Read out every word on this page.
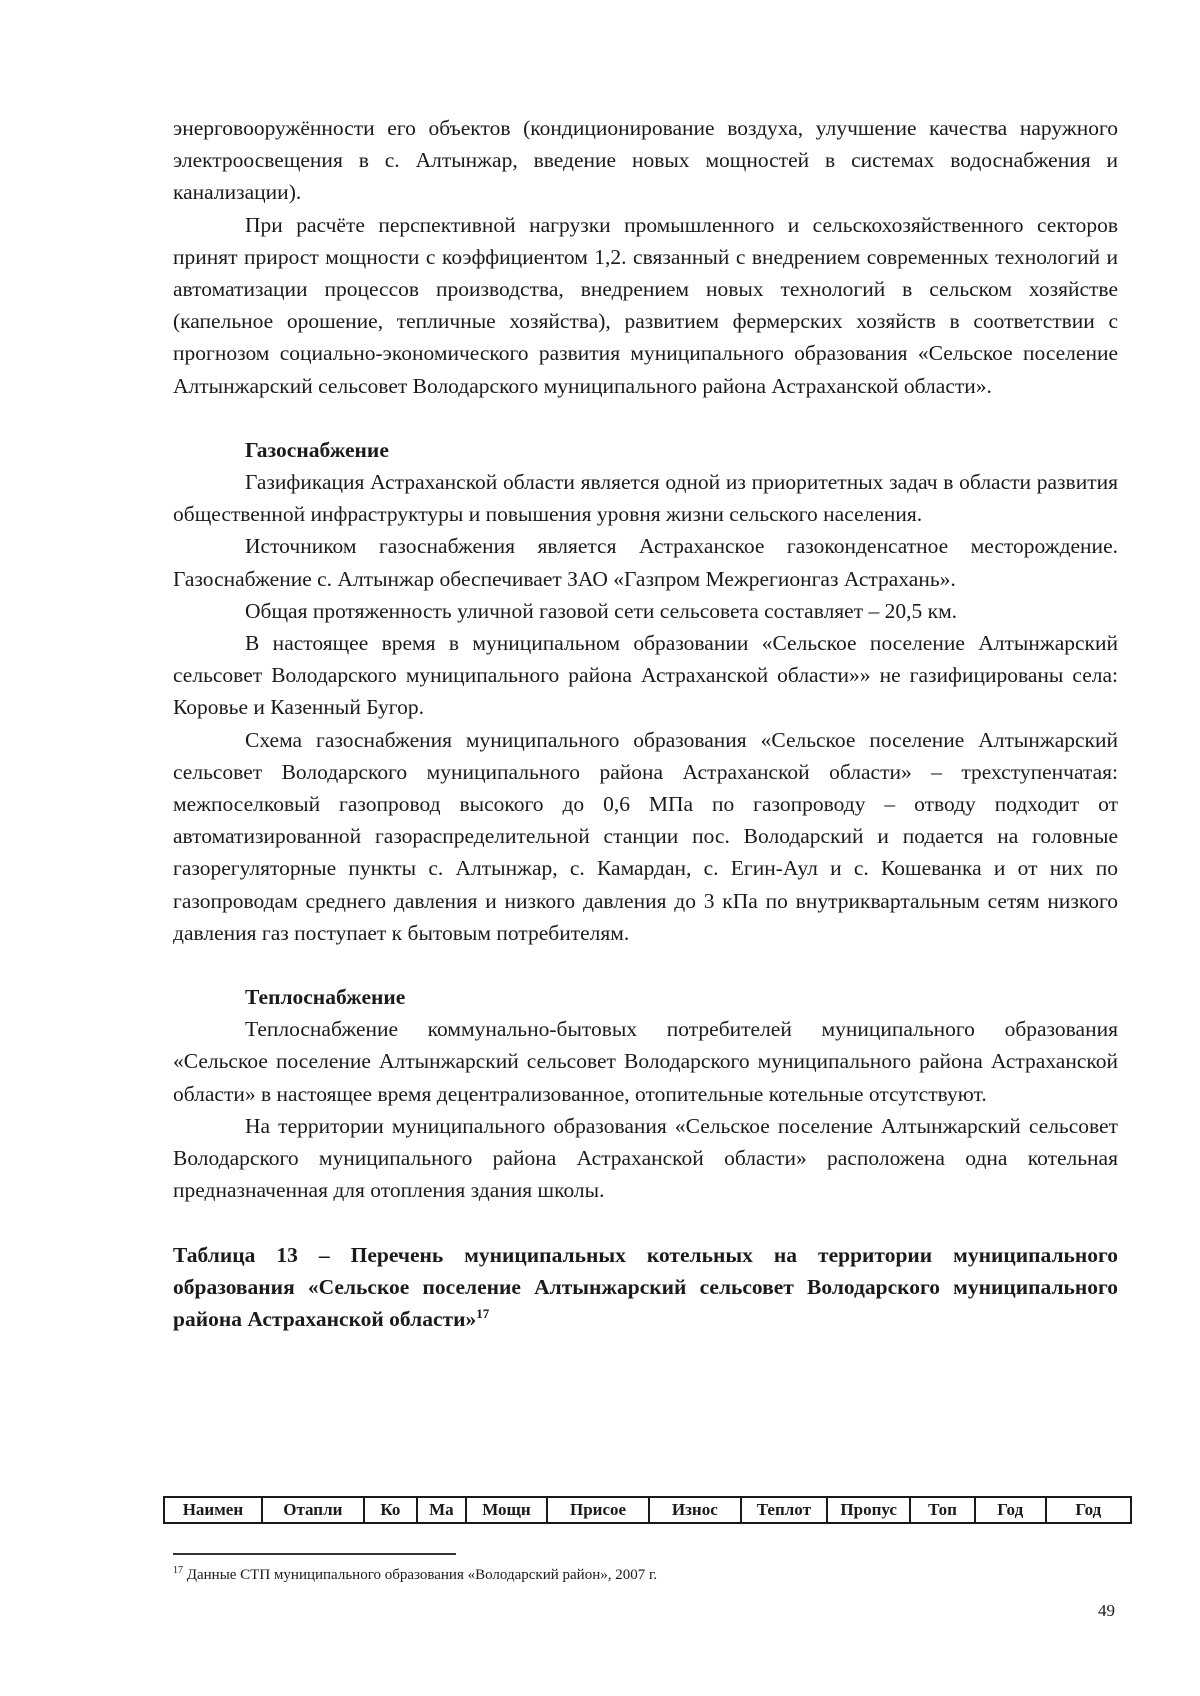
энерговооружённости его объектов (кондиционирование воздуха, улучшение качества наружного электроосвещения в с. Алтынжар, введение новых мощностей в системах водоснабжения и канализации).

При расчёте перспективной нагрузки промышленного и сельскохозяйственного секторов принят прирост мощности с коэффициентом 1,2. связанный с внедрением современных технологий и автоматизации процессов производства, внедрением новых технологий в сельском хозяйстве (капельное орошение, тепличные хозяйства), развитием фермерских хозяйств в соответствии с прогнозом социально-экономического развития муниципального образования «Сельское поселение Алтынжарский сельсовет Володарского муниципального района Астраханской области».

Газоснабжение

Газификация Астраханской области является одной из приоритетных задач в области развития общественной инфраструктуры и повышения уровня жизни сельского населения.

Источником газоснабжения является Астраханское газоконденсатное месторождение. Газоснабжение с. Алтынжар обеспечивает ЗАО «Газпром Межрегионгаз Астрахань».

Общая протяженность уличной газовой сети сельсовета составляет – 20,5 км.

В настоящее время в муниципальном образовании «Сельское поселение Алтынжарский сельсовет Володарского муниципального района Астраханской области»» не газифицированы села: Коровье и Казенный Бугор.

Схема газоснабжения муниципального образования «Сельское поселение Алтынжарский сельсовет Володарского муниципального района Астраханской области» – трехступенчатая: межпоселковый газопровод высокого до 0,6 МПа по газопроводу – отводу подходит от автоматизированной газораспределительной станции пос. Володарский и подается на головные газорегуляторные пункты с. Алтынжар, с. Камардан, с. Егин-Аул и с. Кошеванка и от них по газопроводам среднего давления и низкого давления до 3 кПа по внутриквартальным сетям низкого давления газ поступает к бытовым потребителям.

Теплоснабжение

Теплоснабжение коммунально-бытовых потребителей муниципального образования «Сельское поселение Алтынжарский сельсовет Володарского муниципального района Астраханской области» в настоящее время децентрализованное, отопительные котельные отсутствуют.

На территории муниципального образования «Сельское поселение Алтынжарский сельсовет Володарского муниципального района Астраханской области» расположена одна котельная предназначенная для отопления здания школы.

Таблица 13 – Перечень муниципальных котельных на территории муниципального образования «Сельское поселение Алтынжарский сельсовет Володарского муниципального района Астраханской области»$^{17}$
Наимен	Отапли	Ко	Ма	Мощн	Присое	Износ	Теплот	Пропус	Топ	Год	Год
$^{17}$ Данные СТП муниципального образования «Володарский район», 2007 г.
49
